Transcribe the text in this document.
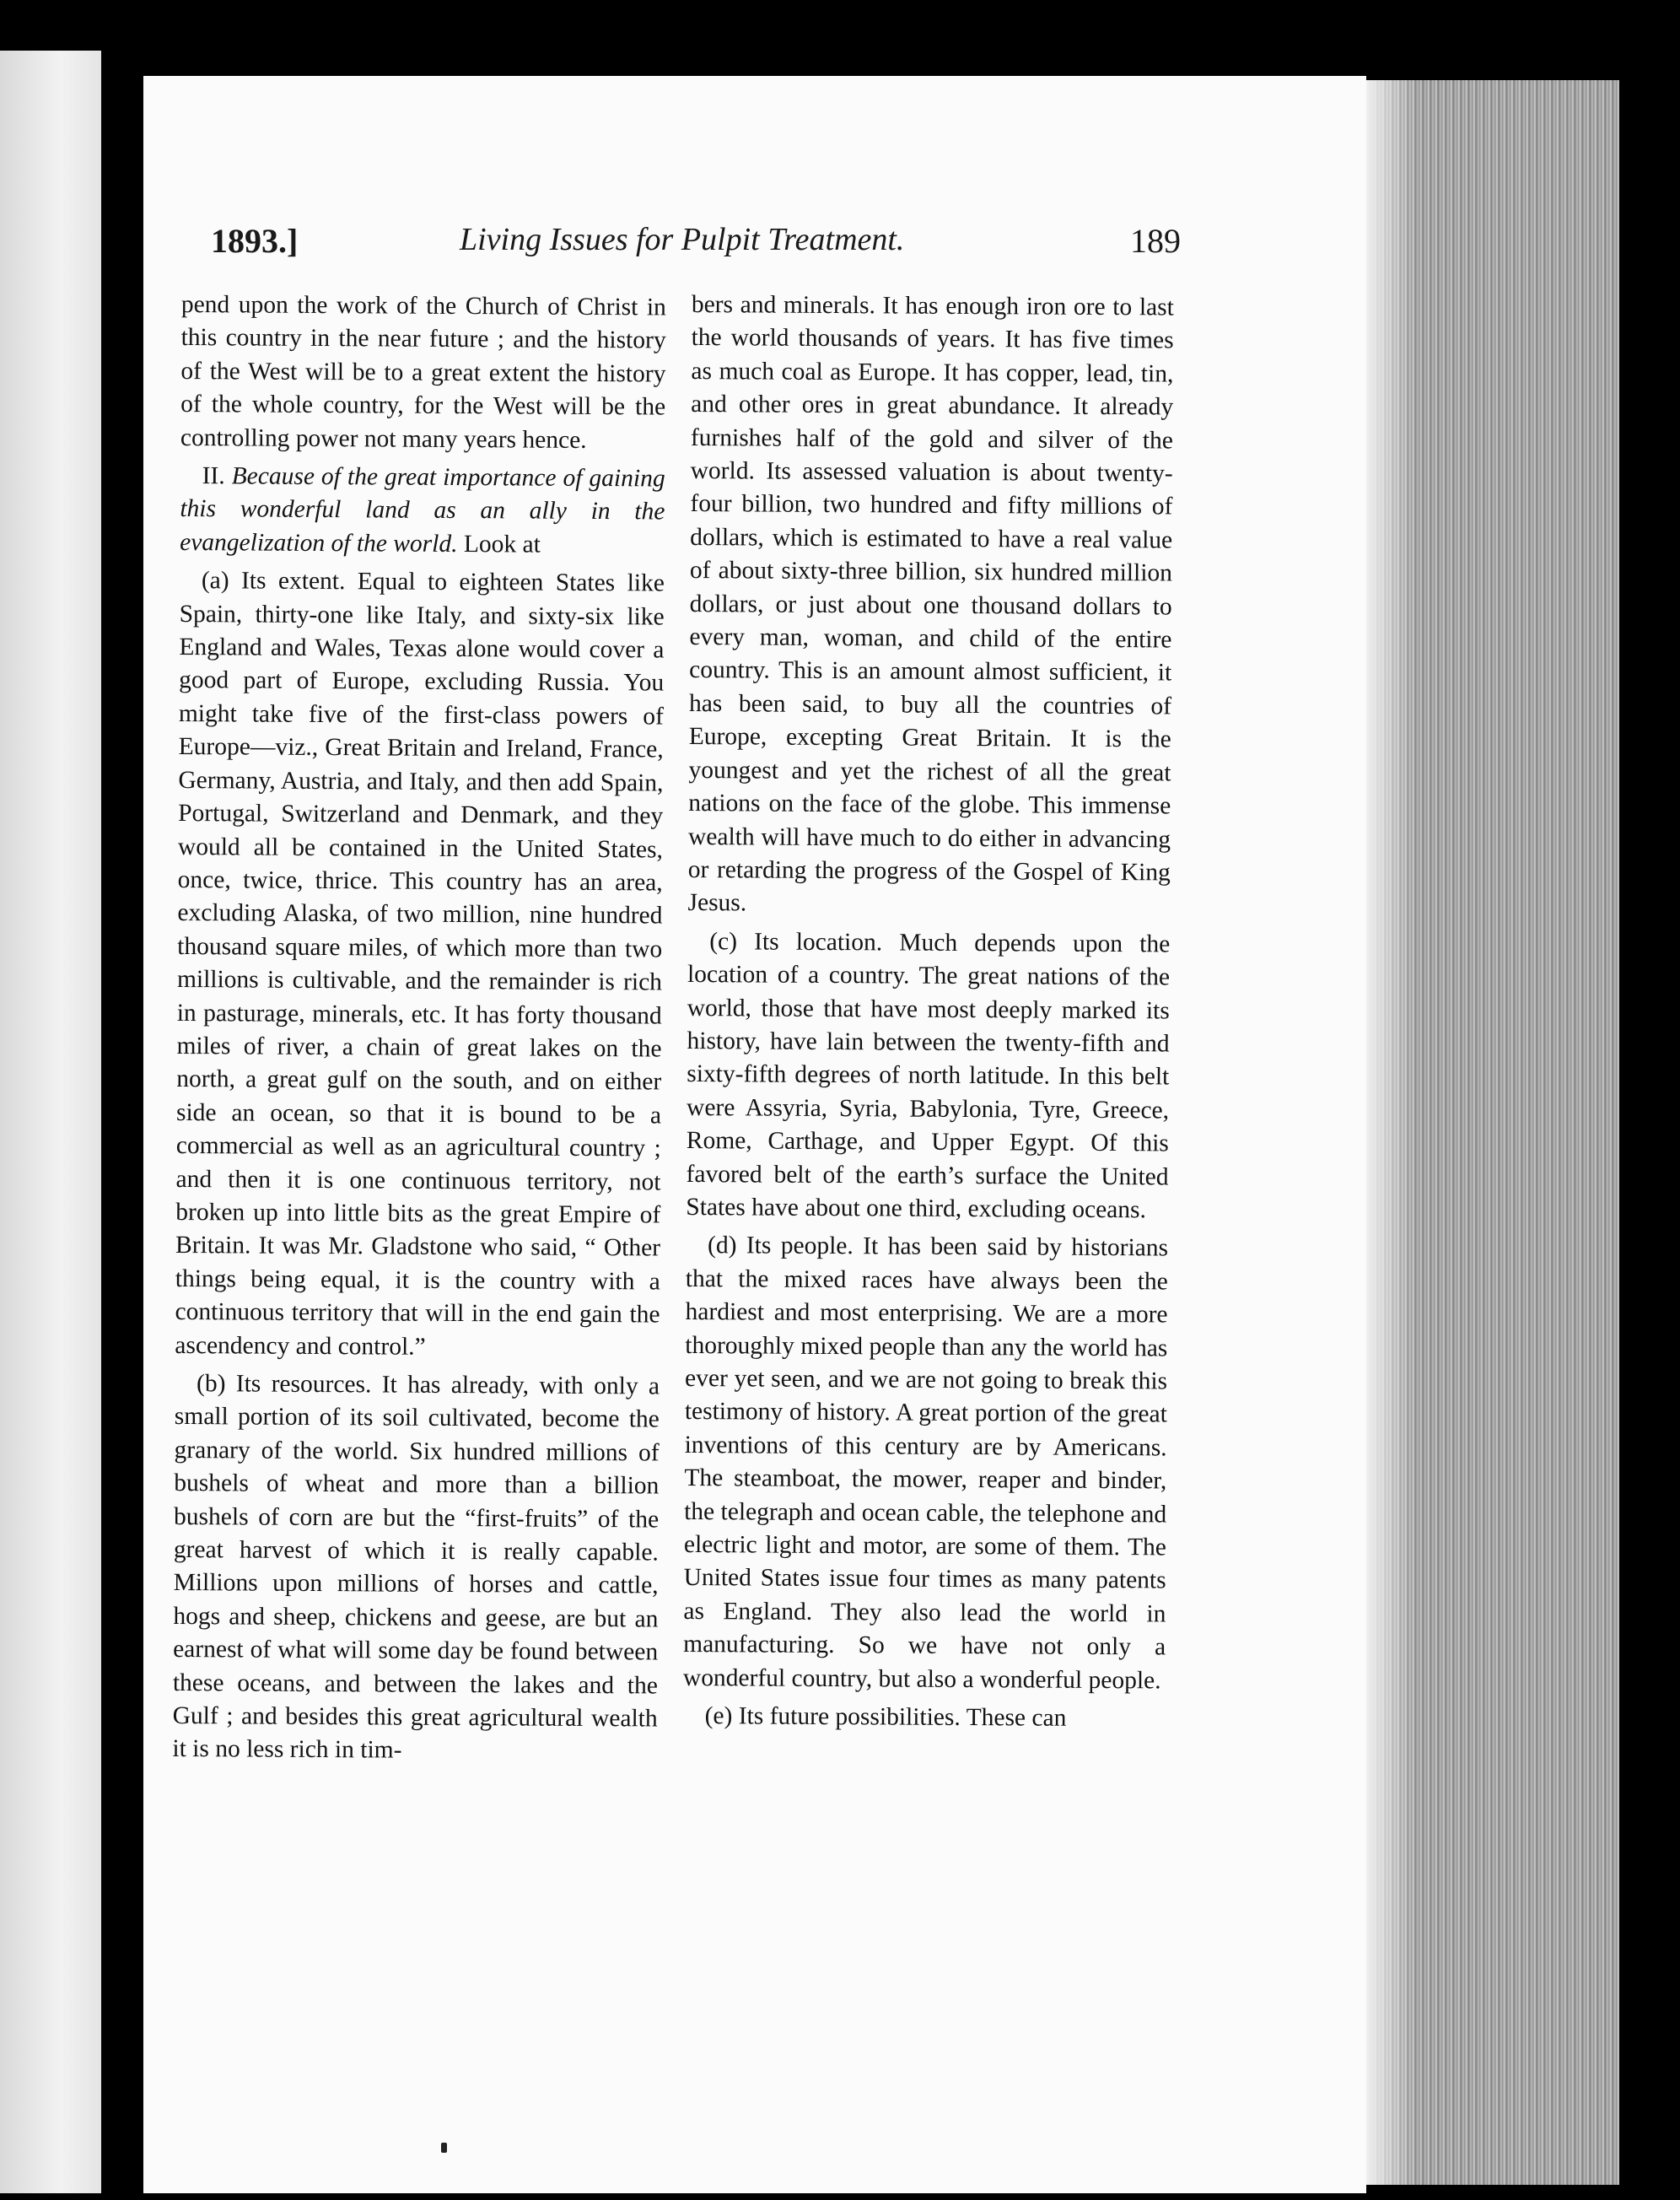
1893.]	Living Issues for Pulpit Treatment.	189

pend upon the work of the Church of Christ in this country in the near future ; and the history of the West will be to a great extent the history of the whole country, for the West will be the controlling power not many years hence.

II. Because of the great importance of gaining this wonderful land as an ally in the evangelization of the world. Look at

(a) Its extent. Equal to eighteen States like Spain, thirty-one like Italy, and sixty-six like England and Wales, Texas alone would cover a good part of Europe, excluding Russia. You might take five of the first-class powers of Europe—viz., Great Britain and Ireland, France, Germany, Austria, and Italy, and then add Spain, Portugal, Switzerland and Denmark, and they would all be contained in the United States, once, twice, thrice. This country has an area, excluding Alaska, of two million, nine hundred thousand square miles, of which more than two millions is cultivable, and the remainder is rich in pasturage, minerals, etc. It has forty thousand miles of river, a chain of great lakes on the north, a great gulf on the south, and on either side an ocean, so that it is bound to be a commercial as well as an agricultural country ; and then it is one continuous territory, not broken up into little bits as the great Empire of Britain. It was Mr. Gladstone who said, “ Other things being equal, it is the country with a continuous territory that will in the end gain the ascendency and control.”

(b) Its resources. It has already, with only a small portion of its soil cultivated, become the granary of the world. Six hundred millions of bushels of wheat and more than a billion bushels of corn are but the “first-fruits” of the great harvest of which it is really capable. Millions upon millions of horses and cattle, hogs and sheep, chickens and geese, are but an earnest of what will some day be found between these oceans, and between the lakes and the Gulf ; and besides this great agricultural wealth it is no less rich in tim-

bers and minerals. It has enough iron ore to last the world thousands of years. It has five times as much coal as Europe. It has copper, lead, tin, and other ores in great abundance. It already furnishes half of the gold and silver of the world. Its assessed valuation is about twenty-four billion, two hundred and fifty millions of dollars, which is estimated to have a real value of about sixty-three billion, six hundred million dollars, or just about one thousand dollars to every man, woman, and child of the entire country. This is an amount almost sufficient, it has been said, to buy all the countries of Europe, excepting Great Britain. It is the youngest and yet the richest of all the great nations on the face of the globe. This immense wealth will have much to do either in advancing or retarding the progress of the Gospel of King Jesus.

(c) Its location. Much depends upon the location of a country. The great nations of the world, those that have most deeply marked its history, have lain between the twenty-fifth and sixty-fifth degrees of north latitude. In this belt were Assyria, Syria, Babylonia, Tyre, Greece, Rome, Carthage, and Upper Egypt. Of this favored belt of the earth’s surface the United States have about one third, excluding oceans.

(d) Its people. It has been said by historians that the mixed races have always been the hardiest and most enterprising. We are a more thoroughly mixed people than any the world has ever yet seen, and we are not going to break this testimony of history. A great portion of the great inventions of this century are by Americans. The steamboat, the mower, reaper and binder, the telegraph and ocean cable, the telephone and electric light and motor, are some of them. The United States issue four times as many patents as England. They also lead the world in manufacturing. So we have not only a wonderful country, but also a wonderful people.

(e) Its future possibilities. These can
